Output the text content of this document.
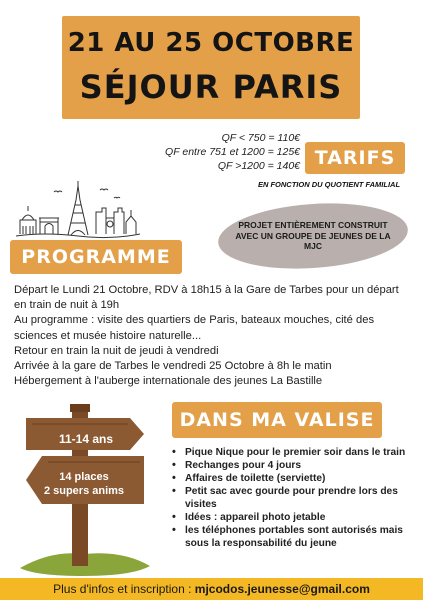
21 AU 25 OCTOBRE
SÉJOUR PARIS
QF < 750 = 110€
QF entre 751 et 1200 = 125€
QF >1200 = 140€ TARIFS
EN FONCTION DU QUOTIENT FAMILIAL
PROJET ENTIÈREMENT CONSTRUIT AVEC UN GROUPE DE JEUNES DE LA MJC
PROGRAMME

Départ le Lundi 21 Octobre, RDV à 18h15 à la Gare de Tarbes pour un départ en train de nuit à 19h

Au programme : visite des quartiers de Paris, bateaux mouches, cité des sciences et musée histoire naturelle...

Retour en train la nuit de jeudi à vendredi

Arrivée à la gare de Tarbes le vendredi 25 Octobre à 8h le matin

Hébergement à l'auberge internationale des jeunes La Bastille

11-14 ans
14 places
2 supers anims
DANS MA VALISE
• Pique Nique pour le premier soir dans le train
• Rechanges pour 4 jours
• Affaires de toilette (serviette)
• Petit sac avec gourde pour prendre lors des visites
• Idées : appareil photo jetable
• les téléphones portables sont autorisés mais sous la responsabilité du jeune
Plus d'infos et inscription : mjcodos.jeunesse@gmail.com
